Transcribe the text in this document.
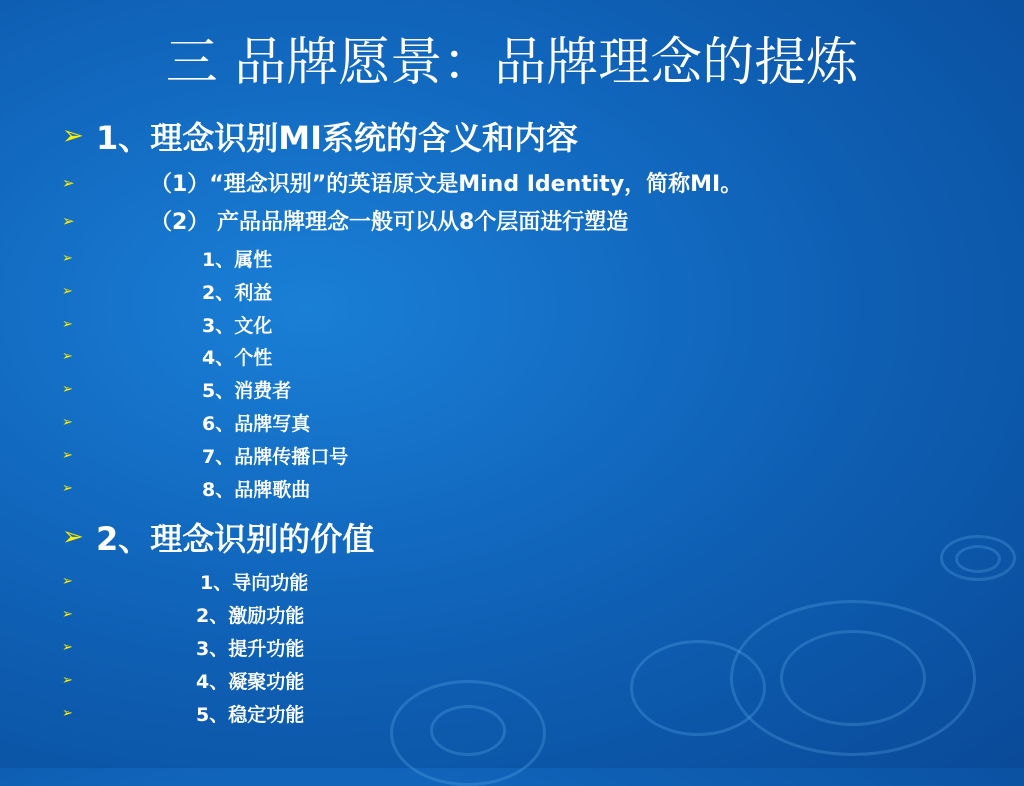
三 品牌愿景：品牌理念的提炼
➢ 1、理念识别MI系统的含义和内容
➢	（1）“理念识别”的英语原文是Mind Identity，简称MI。
➢	（2） 产品品牌理念一般可以从8个层面进行塑造
➢	1、属性
➢	2、利益
➢	3、文化
➢	4、个性
➢	5、消费者
➢	6、品牌写真
➢	7、品牌传播口号
➢	8、品牌歌曲
➢ 2、理念识别的价值
➢	1、导向功能
➢	2、激励功能
➢	3、提升功能
➢	4、凝聚功能
➢	5、稳定功能
